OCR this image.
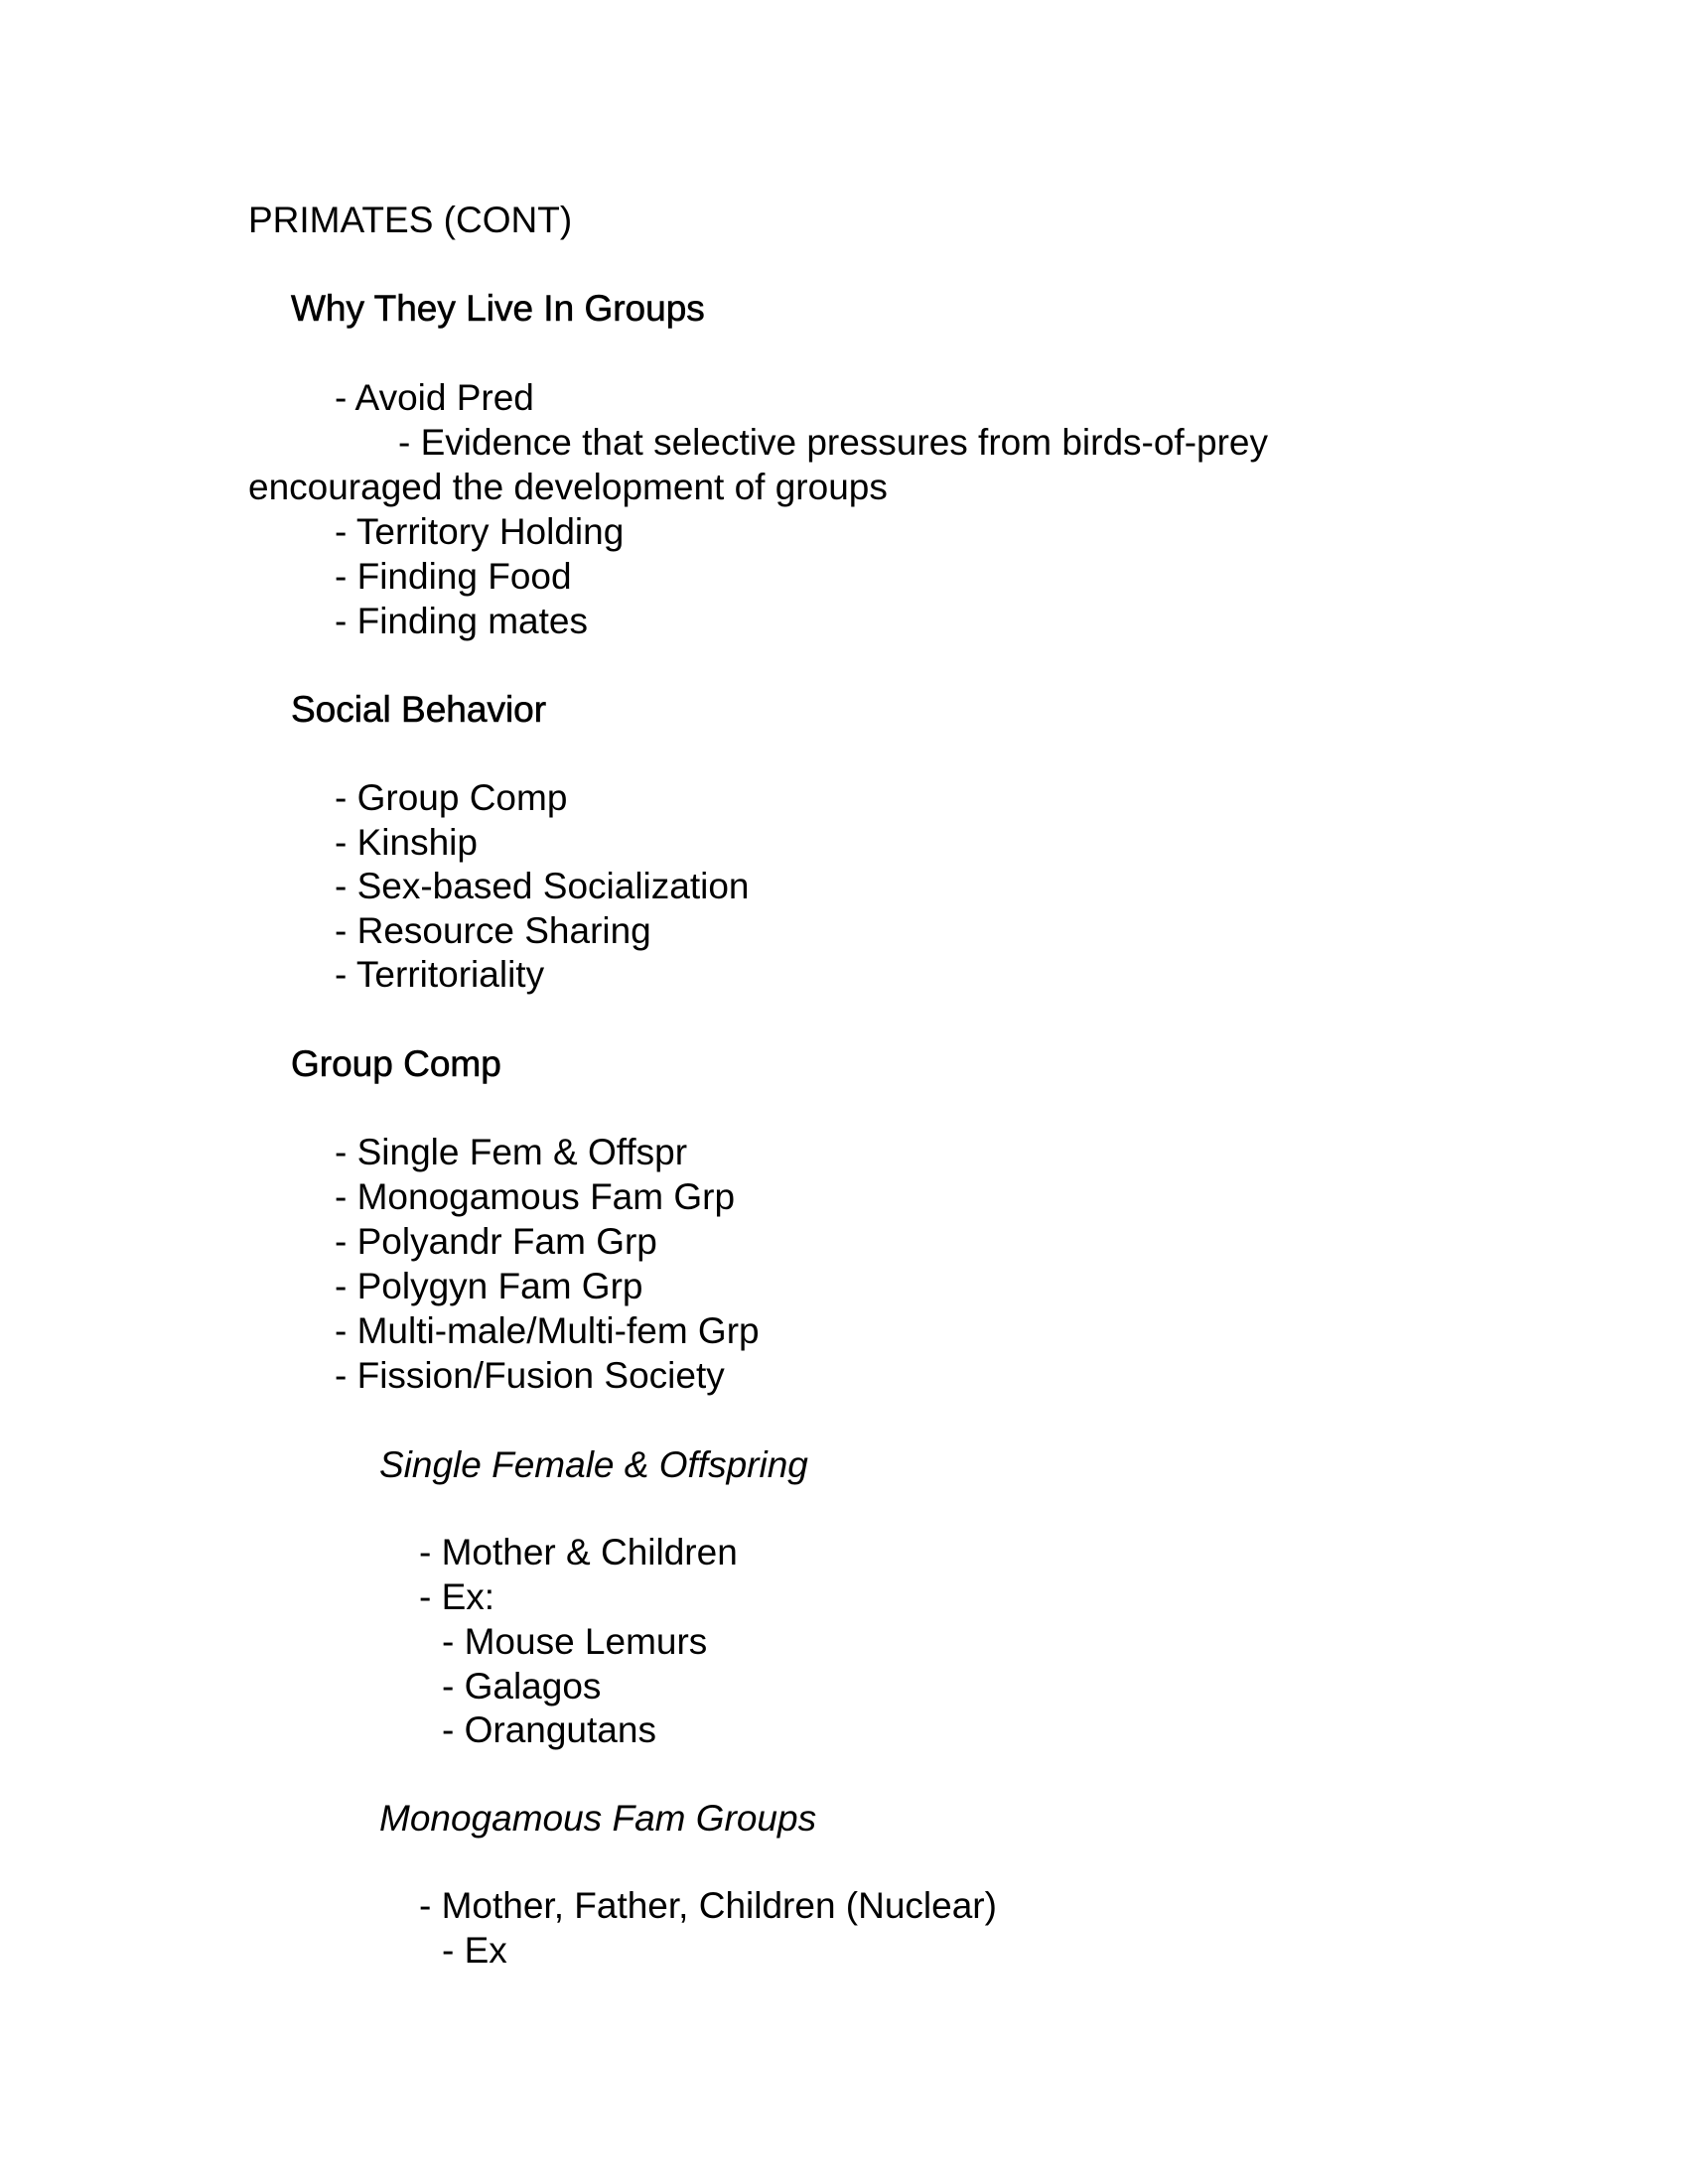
PRIMATES (CONT)
Why They Live In Groups
- Avoid Pred
- Evidence that selective pressures from birds-of-prey
encouraged the development of groups
- Territory Holding
- Finding Food
- Finding mates
Social Behavior
- Group Comp
- Kinship
- Sex-based Socialization
- Resource Sharing
- Territoriality
Group Comp
- Single Fem & Offspr
- Monogamous Fam Grp
- Polyandr Fam Grp
- Polygyn Fam Grp
- Multi-male/Multi-fem Grp
- Fission/Fusion Society
Single Female & Offspring
- Mother & Children
- Ex:
- Mouse Lemurs
- Galagos
- Orangutans
Monogamous Fam Groups
- Mother, Father, Children (Nuclear)
- Ex
